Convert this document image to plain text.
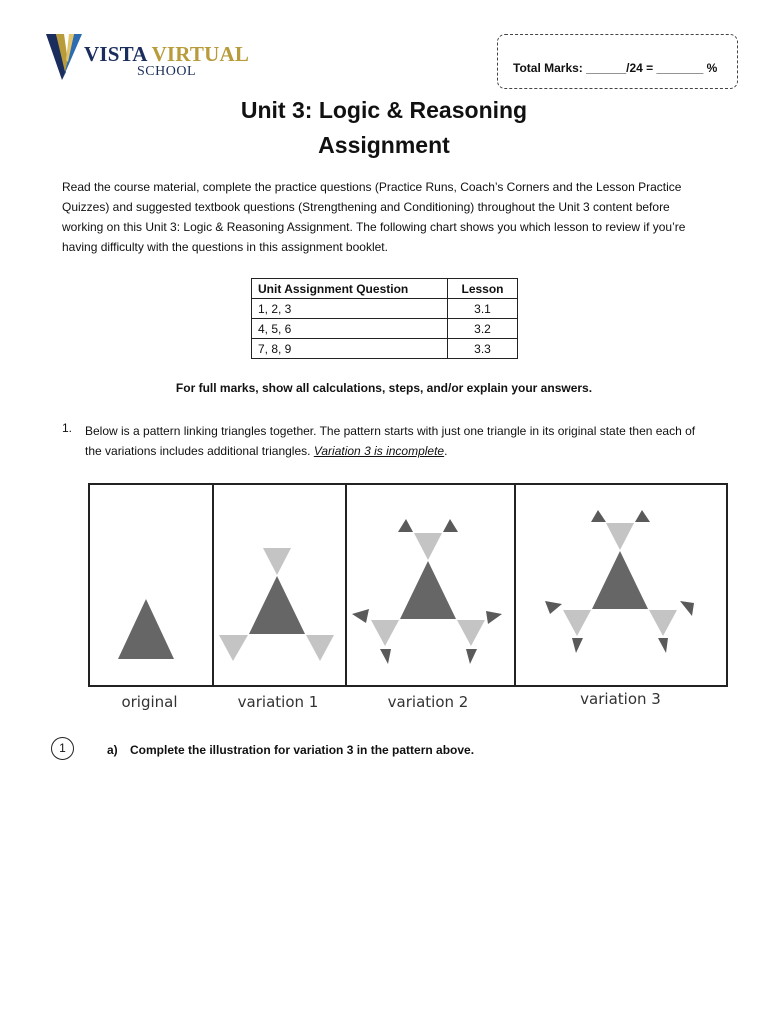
VISTA VIRTUAL
SCHOOL	Total Marks: ______/24 = _______ %
Unit 3: Logic & Reasoning
Assignment
Read the course material, complete the practice questions (Practice Runs, Coach’s Corners and the Lesson Practice Quizzes) and suggested textbook questions (Strengthening and Conditioning) throughout the Unit 3 content before working on this Unit 3: Logic & Reasoning Assignment. The following chart shows you which lesson to review if you’re having difficulty with the questions in this assignment booklet.
Unit Assignment Question	Lesson
1, 2, 3	3.1
4, 5, 6	3.2
7, 8, 9	3.3
For full marks, show all calculations, steps, and/or explain your answers.
1. Below is a pattern linking triangles together. The pattern starts with just one triangle in its original state then each of the variations includes additional triangles. Variation 3 is incomplete.
original	variation 1	variation 2	variation 3
1	a) Complete the illustration for variation 3 in the pattern above.
